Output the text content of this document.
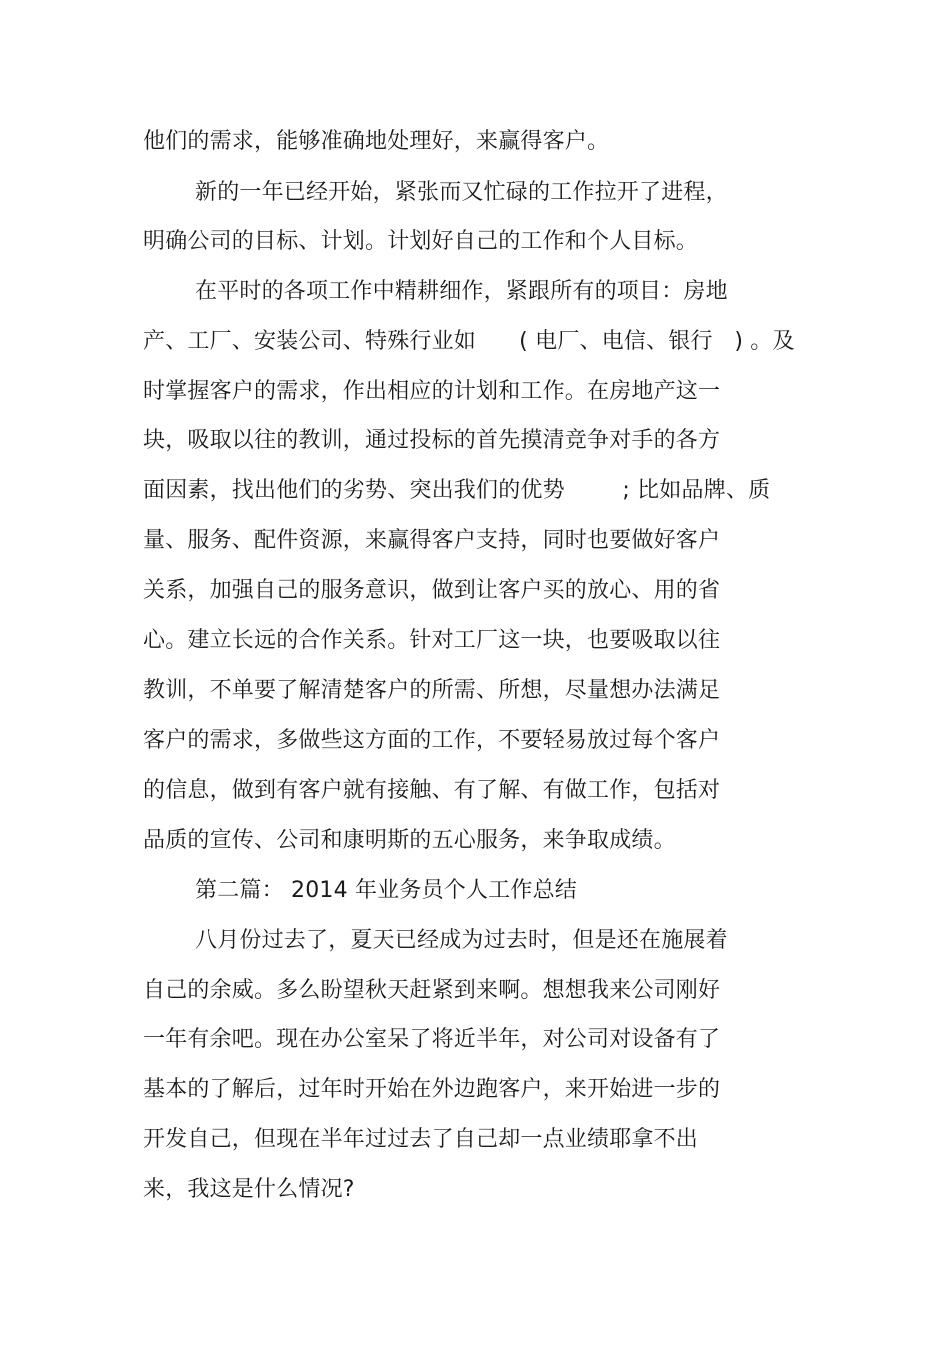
他们的需求，能够准确地处理好，来赢得客户。
新的一年已经开始，紧张而又忙碌的工作拉开了进程，
明确公司的目标、计划。计划好自己的工作和个人目标。
在平时的各项工作中精耕细作，紧跟所有的项目：房地
产、工厂、安装公司、特殊行业如      ( 电厂、电信、银行   ) 。及
时掌握客户的需求，作出相应的计划和工作。在房地产这一
块，吸取以往的教训，通过投标的首先摸清竞争对手的各方
面因素，找出他们的劣势、突出我们的优势        ; 比如品牌、质
量、服务、配件资源，来赢得客户支持，同时也要做好客户
关系，加强自己的服务意识，做到让客户买的放心、用的省
心。建立长远的合作关系。针对工厂这一块，也要吸取以往
教训，不单要了解清楚客户的所需、所想，尽量想办法满足
客户的需求，多做些这方面的工作，不要轻易放过每个客户
的信息，做到有客户就有接触、有了解、有做工作，包括对
品质的宣传、公司和康明斯的五心服务，来争取成绩。
第二篇： 2014 年业务员个人工作总结
八月份过去了，夏天已经成为过去时，但是还在施展着
自己的余威。多么盼望秋天赶紧到来啊。想想我来公司刚好
一年有余吧。现在办公室呆了将近半年，对公司对设备有了
基本的了解后，过年时开始在外边跑客户，来开始进一步的
开发自己，但现在半年过过去了自己却一点业绩耶拿不出
来，我这是什么情况?
